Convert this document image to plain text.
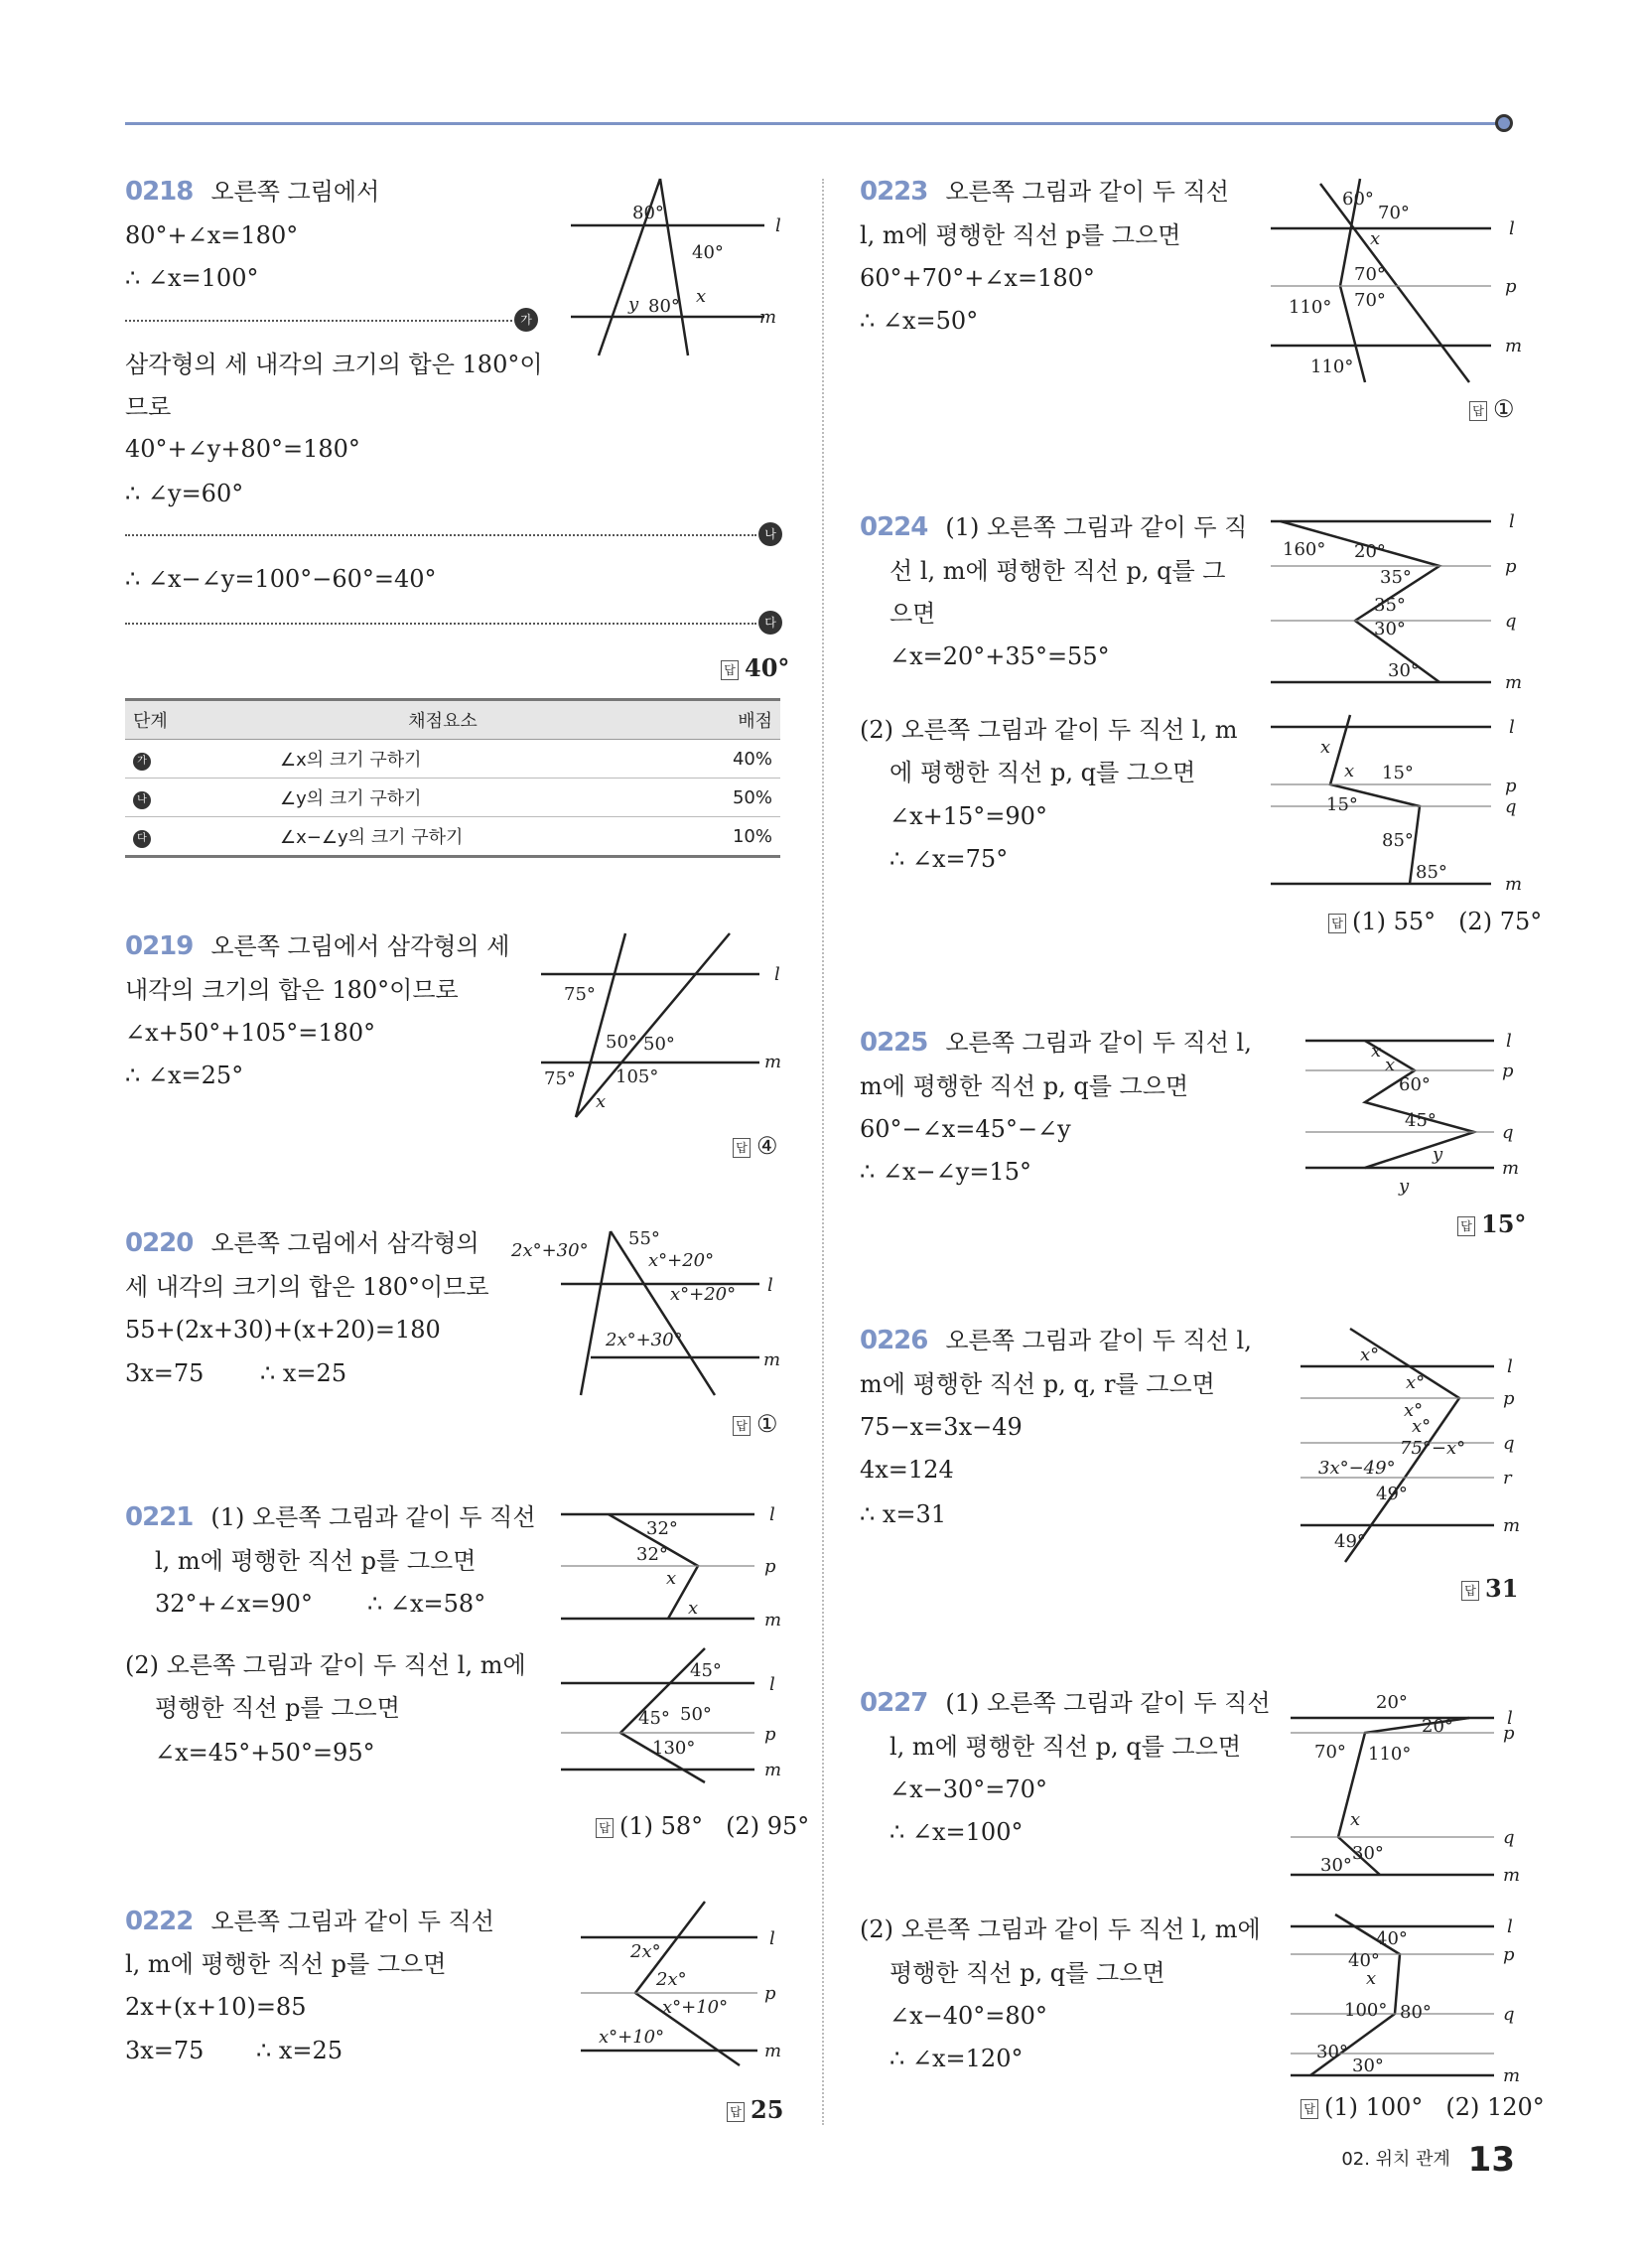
0218 오른쪽 그림에서
80°+∠x=180°
∴ ∠x=100°
가
삼각형의 세 내각의 크기의 합은 180°이
므로
40°+∠y+80°=180°
∴ ∠y=60°
나
∴ ∠x−∠y=100°−60°=40°
다
답 40°
l
m
80°
40°
y 80° x
단계	채점요소	배점
가	∠x의 크기 구하기	40%
나	∠y의 크기 구하기	50%
다	∠x−∠y의 크기 구하기	10%
0219 오른쪽 그림에서 삼각형의 세
내각의 크기의 합은 180°이므로
∠x+50°+105°=180°
∴ ∠x=25°
답 ④
l
m
75°
50° 50°
75° 105°
x
0220 오른쪽 그림에서 삼각형의
세 내각의 크기의 합은 180°이므로
55+(2x+30)+(x+20)=180
3x=75 ∴ x=25
답 ①
l
m
55°
2x°+30°	x°+20°
x°+20°
2x°+30°
0221 (1) 오른쪽 그림과 같이 두 직선
l, m에 평행한 직선 p를 그으면
32°+∠x=90° ∴ ∠x=58°
(2) 오른쪽 그림과 같이 두 직선 l, m에
평행한 직선 p를 그으면
∠x=45°+50°=95°
답 (1) 58° (2) 95°
l
p
m
32°
32°
x
x
l
p
m
45°
45° 50°
130°
0222 오른쪽 그림과 같이 두 직선
l, m에 평행한 직선 p를 그으면
2x+(x+10)=85
3x=75 ∴ x=25
답 25
l
p
m
2x°
2x°
x°+10°
x°+10°
0223 오른쪽 그림과 같이 두 직선
l, m에 평행한 직선 p를 그으면
60°+70°+∠x=180°
∴ ∠x=50°
답 ①
l
p
m
60°
70°
x
70°
70°
110°
110°
0224 (1) 오른쪽 그림과 같이 두 직
선 l, m에 평행한 직선 p, q를 그
으면
∠x=20°+35°=55°
(2) 오른쪽 그림과 같이 두 직선 l, m
에 평행한 직선 p, q를 그으면
∠x+15°=90°
∴ ∠x=75°
답 (1) 55° (2) 75°
l
p
q
m
160° 20°
35°
35°
30°
30°
l
p
q
m
x
x 15°
15°
85°
85°
0225 오른쪽 그림과 같이 두 직선 l,
m에 평행한 직선 p, q를 그으면
60°−∠x=45°−∠y
∴ ∠x−∠y=15°
답 15°
l
p
q
m
x
x
60°
45°
y
y
0226 오른쪽 그림과 같이 두 직선 l,
m에 평행한 직선 p, q, r를 그으면
75−x=3x−49
4x=124
∴ x=31
답 31
l
p
q
r
m
x°
x°
x°
x°
75°−x°
3x°−49°
49°
49°
0227 (1) 오른쪽 그림과 같이 두 직선
l, m에 평행한 직선 p, q를 그으면
∠x−30°=70°
∴ ∠x=100°
(2) 오른쪽 그림과 같이 두 직선 l, m에
평행한 직선 p, q를 그으면
∠x−40°=80°
∴ ∠x=120°
답 (1) 100° (2) 120°
l
p
q
m
20°
20°
70° 110°
x
30°
30°
l
p
q
m
40°
40°
x
100° 80°
30°
30°
02. 위치 관계 13
